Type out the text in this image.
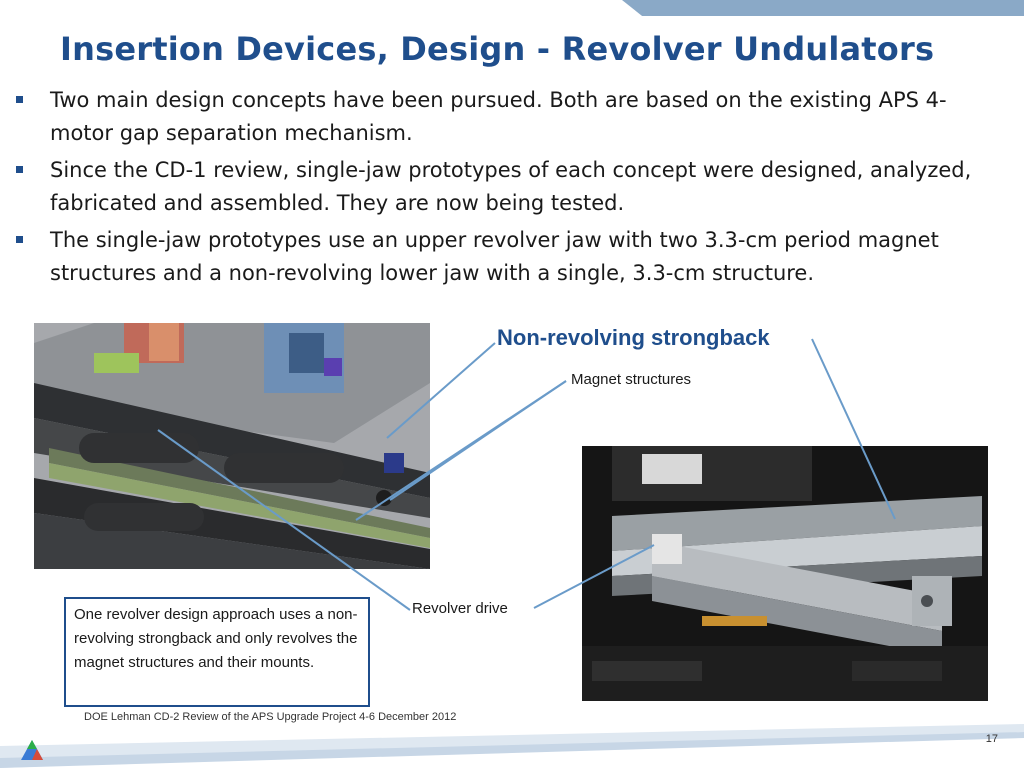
Insertion Devices, Design - Revolver Undulators
Two main design concepts have been pursued. Both are based on the existing APS 4-motor gap separation mechanism.
Since the CD-1 review, single-jaw prototypes of each concept were designed, analyzed, fabricated and assembled. They are now being tested.
The single-jaw prototypes use an upper revolver jaw with two 3.3-cm period magnet structures and a non-revolving lower jaw with a single, 3.3-cm structure.
Non-revolving strongback
Magnet structures
Revolver drive
One revolver design approach uses a non-revolving strongback and only revolves the magnet structures and their mounts.
DOE Lehman CD-2 Review of the APS Upgrade Project 4-6 December 2012
17
